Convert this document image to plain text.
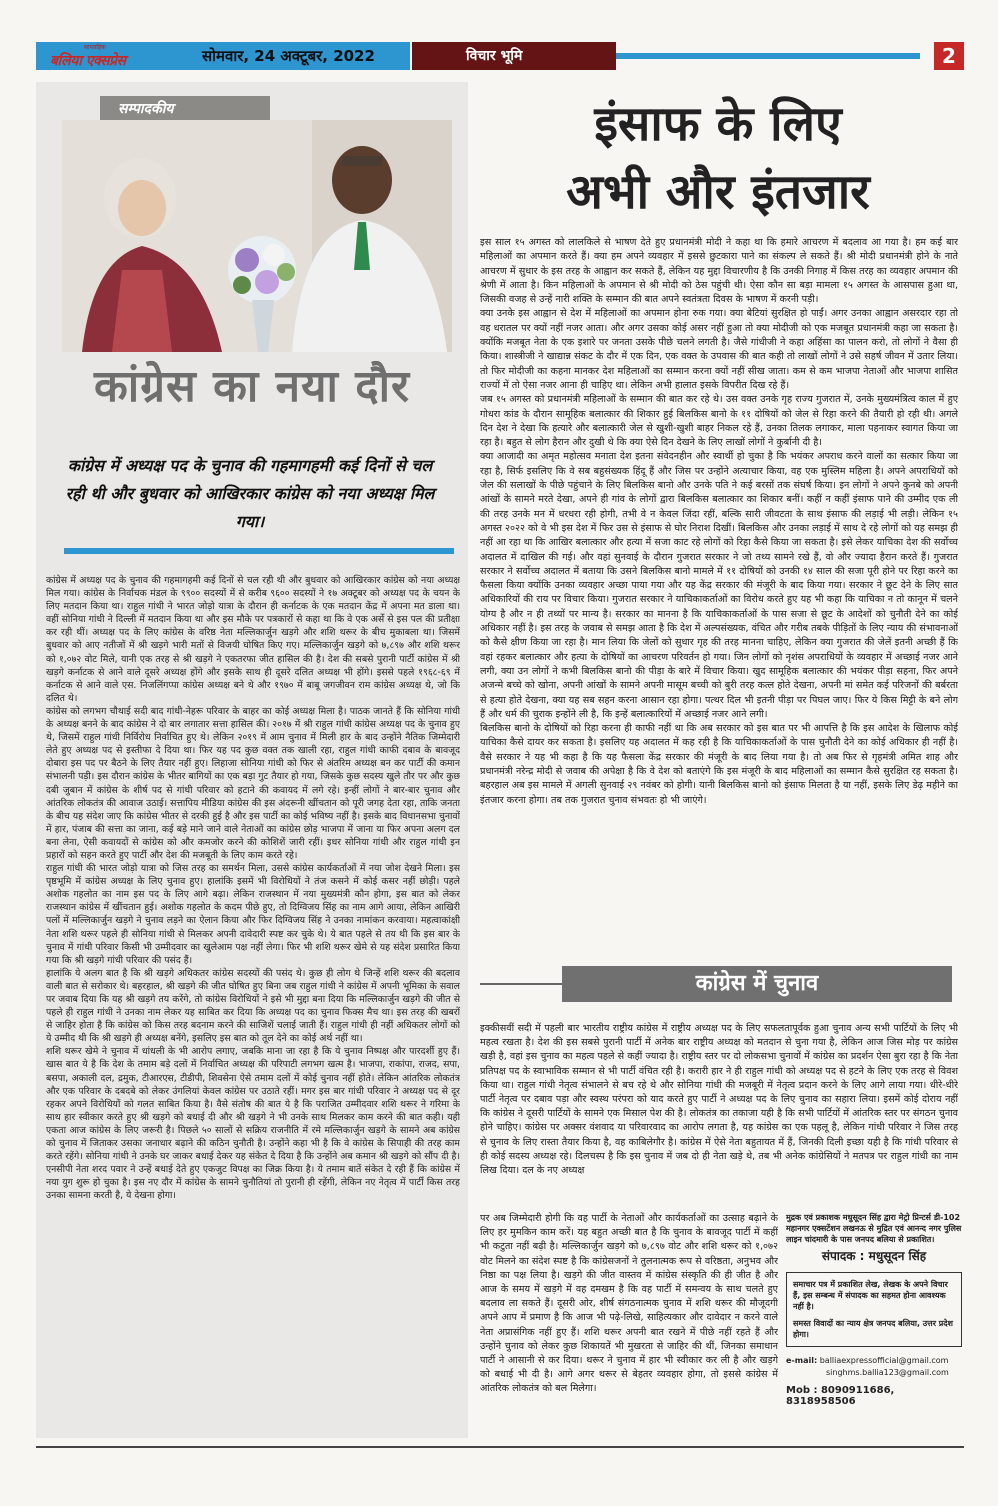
साप्ताहिक
बलिया एक्सप्रेस	सोमवार, 24 अक्टूबर, 2022	विचार भूमि	2
सम्पादकीय
कांग्रेस का नया दौर
कांग्रेस में अध्यक्ष पद के चुनाव की गहमागहमी कई दिनों से चल रही थी और बुधवार को आखिरकार कांग्रेस को नया अध्यक्ष मिल गया।

कांग्रेस में अध्यक्ष पद के चुनाव की गहमागहमी कई दिनों से चल रही थी और बुधवार को आखिरकार कांग्रेस को नया अध्यक्ष मिल गया। कांग्रेस के निर्वाचक मंडल के ९९०० सदस्यों में से करीब ९६०० सदस्यों ने १७ अक्टूबर को अध्यक्ष पद के चयन के लिए मतदान किया था। राहुल गांधी ने भारत जोड़ो यात्रा के दौरान ही कर्नाटक के एक मतदान केंद्र में अपना मत डाला था। वहीं सोनिया गांधी ने दिल्ली में मतदान किया था और इस मौके पर पत्रकारों से कहा था कि वे एक अर्से से इस पल की प्रतीक्षा कर रही थीं। अध्यक्ष पद के लिए कांग्रेस के वरिष्ठ नेता मल्लिकार्जुन खड़गे और शशि थरूर के बीच मुकाबला था। जिसमें बुधवार को आए नतीजों में श्री खड़गे भारी मतों से विजयी घोषित किए गए। मल्लिकार्जुन खड़गे को ७,८९७ और शशि थरूर को १,०७२ वोट मिले, यानी एक तरह से श्री खड़गे ने एकतरफा जीत हासिल की है। देश की सबसे पुरानी पार्टी कांग्रेस में श्री खड़गे कर्नाटक से आने वाले दूसरे अध्यक्ष होंगे और इसके साथ ही दूसरे दलित अध्यक्ष भी होंगे। इससे पहले १९६८-६९ में कर्नाटक से आने वाले एस. निजलिंगप्पा कांग्रेस अध्यक्ष बने थे और १९७० में बाबू जगजीवन राम कांग्रेस अध्यक्ष थे, जो कि दलित थे।

कांग्रेस को लगभग चौथाई सदी बाद गांधी-नेहरू परिवार के बाहर का कोई अध्यक्ष मिला है। पाठक जानते हैं कि सोनिया गांधी के अध्यक्ष बनने के बाद कांग्रेस ने दो बार लगातार सत्ता हासिल की। २०१७ में श्री राहुल गांधी कांग्रेस अध्यक्ष पद के चुनाव हुए थे, जिसमें राहुल गांधी निर्विरोध निर्वाचित हुए थे। लेकिन २०१९ में आम चुनाव में मिली हार के बाद उन्होंने नैतिक जिम्मेदारी लेते हुए अध्यक्ष पद से इस्तीफा दे दिया था। फिर यह पद कुछ वक्त तक खाली रहा, राहुल गांधी काफी दबाव के बावजूद दोबारा इस पद पर बैठने के लिए तैयार नहीं हुए। लिहाजा सोनिया गांधी को फिर से अंतरिम अध्यक्ष बन कर पार्टी की कमान संभालनी पड़ी। इस दौरान कांग्रेस के भीतर बागियों का एक बड़ा गुट तैयार हो गया, जिसके कुछ सदस्य खुले तौर पर और कुछ दबी जुबान में कांग्रेस के शीर्ष पद से गांधी परिवार को हटाने की कवायद में लगे रहे। इन्हीं लोगों ने बार-बार चुनाव और आंतरिक लोकतंत्र की आवाज उठाई। सत्तापिय मीडिया कांग्रेस की इस अंदरूनी खींचतान को पूरी जगह देता रहा, ताकि जनता के बीच यह संदेश जाए कि कांग्रेस भीतर से दरकी हुई है और इस पार्टी का कोई भविष्य नहीं है। इसके बाद विधानसभा चुनावों में हार, पंजाब की सत्ता का जाना, कई बड़े माने जाने वाले नेताओं का कांग्रेस छोड़ भाजपा में जाना या फिर अपना अलग दल बना लेना, ऐसी कवायदों से कांग्रेस को और कमजोर करने की कोशिशें जारी रहीं। इधर सोनिया गांधी और राहुल गांधी इन प्रहारों को सहन करते हुए पार्टी और देश की मजबूती के लिए काम करते रहे।

राहुल गांधी की भारत जोड़ो यात्रा को जिस तरह का समर्थन मिला, उससे कांग्रेस कार्यकर्ताओं में नया जोश देखने मिला। इस पृष्ठभूमि में कांग्रेस अध्यक्ष के लिए चुनाव हुए। हालांकि इसमें भी विरोधियों ने तंज कसने में कोई कसर नहीं छोड़ी। पहले अशोक गहलोत का नाम इस पद के लिए आगे बढ़ा। लेकिन राजस्थान में नया मुख्यमंत्री कौन होगा, इस बात को लेकर राजस्थान कांग्रेस में खींचतान हुई। अशोक गहलोत के कदम पीछे हुए, तो दिग्विजय सिंह का नाम आगे आया, लेकिन आखिरी पलों में मल्लिकार्जुन खड़गे ने चुनाव लड़ने का ऐलान किया और फिर दिग्विजय सिंह ने उनका नामांकन करवाया। महत्वाकांक्षी नेता शशि थरूर पहले ही सोनिया गांधी से मिलकर अपनी दावेदारी स्पष्ट कर चुके थे। ये बात पहले से तय थी कि इस बार के चुनाव में गांधी परिवार किसी भी उम्मीदवार का खुलेआम पक्ष नहीं लेगा। फिर भी शशि थरूर खेमे से यह संदेश प्रसारित किया गया कि श्री खड़गे गांधी परिवार की पसंद हैं।

हालांकि ये अलग बात है कि श्री खड़गे अधिकतर कांग्रेस सदस्यों की पसंद थे। कुछ ही लोग थे जिन्हें शशि थरूर की बदलाव वाली बात से सरोकार थे। बहरहाल, श्री खड़गे की जीत घोषित हुए बिना जब राहुल गांधी ने कांग्रेस में अपनी भूमिका के सवाल पर जवाब दिया कि यह श्री खड़गे तय करेंगे, तो कांग्रेस विरोधियों ने इसे भी मुद्दा बना दिया कि मल्लिकार्जुन खड़गे की जीत से पहले ही राहुल गांधी ने उनका नाम लेकर यह साबित कर दिया कि अध्यक्ष पद का चुनाव फिक्स मैच था। इस तरह की खबरों से जाहिर होता है कि कांग्रेस को किस तरह बदनाम करने की साजिशें चलाई जाती हैं। राहुल गांधी ही नहीं अधिकतर लोगों को ये उम्मीद थी कि श्री खड़गे ही अध्यक्ष बनेंगे, इसलिए इस बात को तूल देने का कोई अर्थ नहीं था।

शशि थरूर खेमे ने चुनाव में धांधली के भी आरोप लगाए, जबकि माना जा रहा है कि ये चुनाव निष्पक्ष और पारदर्शी हुए हैं। खास बात ये है कि देश के तमाम बड़े दलों में निर्वाचित अध्यक्ष की परिपाटी लगभग खत्म है। भाजपा, राकांपा, राजद, सपा, बसपा, अकाली दल, द्रमुक, टीआरएस, टीडीपी, शिवसेना ऐसे तमाम दलों में कोई चुनाव नहीं होते। लेकिन आंतरिक लोकतंत्र और एक परिवार के दबदबे को लेकर उंगलियां केवल कांग्रेस पर उठाते रहीं। मगर इस बार गांधी परिवार ने अध्यक्ष पद से दूर रहकर अपने विरोधियों को गलत साबित किया है। वैसे संतोष की बात ये है कि पराजित उम्मीदवार शशि थरूर ने गरिमा के साथ हार स्वीकार करते हुए श्री खड़गे को बधाई दी और श्री खड़गे ने भी उनके साथ मिलकर काम करने की बात कही। यही एकता आज कांग्रेस के लिए जरूरी है। पिछले ५० सालों से सक्रिय राजनीति में रमे मल्लिकार्जुन खड़गे के सामने अब कांग्रेस को चुनाव में जिताकर उसका जनाधार बढ़ाने की कठिन चुनौती है। उन्होंने कहा भी है कि वे कांग्रेस के सिपाही की तरह काम करते रहेंगे। सोनिया गांधी ने उनके घर जाकर बधाई देकर यह संकेत दे दिया है कि उन्होंने अब कमान श्री खड़गे को सौंप दी है। एनसीपी नेता शरद पवार ने उन्हें बधाई देते हुए एकजुट विपक्ष का जिक्र किया है। ये तमाम बातें संकेत दे रही हैं कि कांग्रेस में नया युग शुरू हो चुका है। इस नए दौर में कांग्रेस के सामने चुनौतियां तो पुरानी ही रहेंगी, लेकिन नए नेतृत्व में पार्टी किस तरह उनका सामना करती है, ये देखना होगा।

इंसाफ के लिए
अभी और इंतजार

इस साल १५ अगस्त को लालकिले से भाषण देते हुए प्रधानमंत्री मोदी ने कहा था कि हमारे आचरण में बदलाव आ गया है। हम कई बार महिलाओं का अपमान करते हैं। क्या हम अपने व्यवहार में इससे छुटकारा पाने का संकल्प ले सकते हैं। श्री मोदी प्रधानमंत्री होने के नाते आचरण में सुधार के इस तरह के आह्वान कर सकते हैं, लेकिन यह मुद्दा विचारणीय है कि उनकी निगाह में किस तरह का व्यवहार अपमान की श्रेणी में आता है। किन महिलाओं के अपमान से श्री मोदी को ठेस पहुंची थी। ऐसा कौन सा बड़ा मामला १५ अगस्त के आसपास हुआ था, जिसकी वजह से उन्हें नारी शक्ति के सम्मान की बात अपने स्वतंत्रता दिवस के भाषण में करनी पड़ी।

क्या उनके इस आह्वान से देश में महिलाओं का अपमान होना रुक गया। क्या बेटियां सुरक्षित हो पाईं। अगर उनका आह्वान असरदार रहा तो वह धरातल पर क्यों नहीं नजर आता। और अगर उसका कोई असर नहीं हुआ तो क्या मोदीजी को एक मजबूत प्रधानमंत्री कहा जा सकता है। क्योंकि मजबूत नेता के एक इशारे पर जनता उसके पीछे चलने लगती है। जैसे गांधीजी ने कहा अहिंसा का पालन करो, तो लोगों ने वैसा ही किया। शास्त्रीजी ने खाद्यान्न संकट के दौर में एक दिन, एक वक्त के उपवास की बात कही तो लाखों लोगों ने उसे सहर्ष जीवन में उतार लिया। तो फिर मोदीजी का कहना मानकर देश महिलाओं का सम्मान करना क्यों नहीं सीख जाता। कम से कम भाजपा नेताओं और भाजपा शासित राज्यों में तो ऐसा नजर आना ही चाहिए था। लेकिन अभी हालात इसके विपरीत दिख रहे हैं।

जब १५ अगस्त को प्रधानमंत्री महिलाओं के सम्मान की बात कर रहे थे। उस वक्त उनके गृह राज्य गुजरात में, उनके मुख्यमंत्रित्व काल में हुए गोधरा कांड के दौरान सामूहिक बलात्कार की शिकार हुई बिलकिस बानो के ११ दोषियों को जेल से रिहा करने की तैयारी हो रही थी। अगले दिन देश ने देखा कि हत्यारे और बलात्कारी जेल से खुशी-खुशी बाहर निकल रहे हैं, उनका तिलक लगाकर, माला पहनाकर स्वागत किया जा रहा है। बहुत से लोग हैरान और दुखी थे कि क्या ऐसे दिन देखने के लिए लाखों लोगों ने कुर्बानी दी है।

क्या आजादी का अमृत महोत्सव मनाता देश इतना संवेदनहीन और स्वार्थी हो चुका है कि भयंकर अपराध करने वालों का सत्कार किया जा रहा है, सिर्फ इसलिए कि वे सब बहुसंख्यक हिंदू हैं और जिस पर उन्होंने अत्याचार किया, वह एक मुस्लिम महिला है। अपने अपराधियों को जेल की सलाखों के पीछे पहुंचाने के लिए बिलकिस बानो और उनके पति ने कई बरसों तक संघर्ष किया। इन लोगों ने अपने कुनबे को अपनी आंखों के सामने मरते देखा, अपने ही गांव के लोगों द्वारा बिलकिस बलात्कार का शिकार बनीं। कहीं न कहीं इंसाफ पाने की उम्मीद एक ली की तरह उनके मन में धरधरा रही होगी, तभी वे न केवल जिंदा रहीं, बल्कि सारी जीवटता के साथ इंसाफ की लड़ाई भी लड़ी। लेकिन १५ अगस्त २०२२ को वे भी इस देश में फिर उस से इंसाफ से घोर निराश दिखीं। बिलकिस और उनका लड़ाई में साथ दे रहे लोगों को यह समझ ही नहीं आ रहा था कि आखिर बलात्कार और हत्या में सजा काट रहे लोगों को रिहा कैसे किया जा सकता है। इसे लेकर याचिका देश की सर्वोच्च अदालत में दाखिल की गई। और वहां सुनवाई के दौरान गुजरात सरकार ने जो तथ्य सामने रखे हैं, वो और ज्यादा हैरान करते हैं। गुजरात सरकार ने सर्वोच्च अदालत में बताया कि उसने बिलकिस बानो मामले में ११ दोषियों को उनकी १४ साल की सजा पूरी होने पर रिहा करने का फैसला किया क्योंकि उनका व्यवहार अच्छा पाया गया और यह केंद्र सरकार की मंजूरी के बाद किया गया। सरकार ने छूट देने के लिए सात अधिकारियों की राय पर विचार किया। गुजरात सरकार ने याचिकाकर्ताओं का विरोध करते हुए यह भी कहा कि याचिका न तो कानून में चलने योग्य है और न ही तथ्यों पर मान्य है। सरकार का मानना है कि याचिकाकर्ताओं के पास सजा से छूट के आदेशों को चुनौती देने का कोई अधिकार नहीं है। इस तरह के जवाब से समझ आता है कि देश में अल्पसंख्यक, वंचित और गरीब तबके पीड़ितों के लिए न्याय की संभावनाओं को कैसे क्षीण किया जा रहा है। मान लिया कि जेलों को सुधार गृह की तरह मानना चाहिए, लेकिन क्या गुजरात की जेलें इतनी अच्छी हैं कि वहां रहकर बलात्कार और हत्या के दोषियों का आचरण परिवर्तन हो गया। जिन लोगों को नृशंस अपराधियों के व्यवहार में अच्छाई नजर आने लगी, क्या उन लोगों ने कभी बिलकिस बानो की पीड़ा के बारे में विचार किया। खुद सामूहिक बलात्कार की भयंकर पीड़ा सहना, फिर अपने अजन्मे बच्चे को खोना, अपनी आंखों के सामने अपनी मासूम बच्ची को बुरी तरह कत्ल होते देखना, अपनी मां समेत कई परिजनों की बर्बरता से हत्या होते देखना, क्या यह सब सहन करना आसान रहा होगा। पत्थर दिल भी इतनी पीड़ा पर पिघल जाए। फिर ये किस मिट्टी के बने लोग हैं और धर्म की चुराक इन्होंने ली है, कि इन्हें बलात्कारियों में अच्छाई नजर आने लगी।

बिलकिस बानो के दोषियों को रिहा करना ही काफी नहीं था कि अब सरकार को इस बात पर भी आपत्ति है कि इस आदेश के खिलाफ कोई याचिका कैसे दायर कर सकता है। इसलिए यह अदालत में कह रही है कि याचिकाकर्ताओं के पास चुनौती देने का कोई अधिकार ही नहीं है। वैसे सरकार ने यह भी कहा है कि यह फैसला केंद्र सरकार की मंजूरी के बाद लिया गया है। तो अब फिर से गृहमंत्री अमित शाह और प्रधानमंत्री नरेन्द्र मोदी से जवाब की अपेक्षा है कि वे देश को बताएंगे कि इस मंजूरी के बाद महिलाओं का सम्मान कैसे सुरक्षित रह सकता है। बहरहाल अब इस मामले में अगली सुनवाई २९ नवंबर को होगी। यानी बिलकिस बानो को इंसाफ मिलता है या नहीं, इसके लिए डेढ़ महीने का इंतजार करना होगा। तब तक गुजरात चुनाव संभवतः हो भी जाएंगे।

कांग्रेस में चुनाव

इक्कीसवीं सदी में पहली बार भारतीय राष्ट्रीय कांग्रेस में राष्ट्रीय अध्यक्ष पद के लिए सफलतापूर्वक हुआ चुनाव अन्य सभी पार्टियों के लिए भी महत्व रखता है। देश की इस सबसे पुरानी पार्टी में अनेक बार राष्ट्रीय अध्यक्ष को मतदान से चुना गया है, लेकिन आज जिस मोड़ पर कांग्रेस खड़ी है, वहां इस चुनाव का महत्व पहले से कहीं ज्यादा है। राष्ट्रीय स्तर पर दो लोकसभा चुनावों में कांग्रेस का प्रदर्शन ऐसा बुरा रहा है कि नेता प्रतिपक्ष पद के स्वाभाविक सम्मान से भी पार्टी वंचित रही है। करारी हार ने ही राहुल गांधी को अध्यक्ष पद से हटने के लिए एक तरह से विवश किया था। राहुल गांधी नेतृत्व संभालने से बच रहे थे और सोनिया गांधी की मजबूरी में नेतृत्व प्रदान करने के लिए आगे लाया गया। धीरे-धीरे पार्टी नेतृत्व पर दबाव पड़ा और स्वस्थ परंपरा को याद करते हुए पार्टी ने अध्यक्ष पद के लिए चुनाव का सहारा लिया। इसमें कोई दोराय नहीं कि कांग्रेस ने दूसरी पार्टियों के सामने एक मिसाल पेश की है। लोकतंत्र का तकाजा यही है कि सभी पार्टियों में आंतरिक स्तर पर संगठन चुनाव होने चाहिए। कांग्रेस पर अक्सर वंशवाद या परिवारवाद का आरोप लगता है, यह कांग्रेस का एक पहलू है, लेकिन गांधी परिवार ने जिस तरह से चुनाव के लिए रास्ता तैयार किया है, वह काबिलेगौर है। कांग्रेस में ऐसे नेता बहुतायत में हैं, जिनकी दिली इच्छा यही है कि गांधी परिवार से ही कोई सदस्य अध्यक्ष रहे। दिलचस्प है कि इस चुनाव में जब दो ही नेता खड़े थे, तब भी अनेक कांग्रेसियों ने मतपत्र पर राहुल गांधी का नाम लिख दिया। दल के नए अध्यक्ष

पर अब जिम्मेदारी होगी कि वह पार्टी के नेताओं और कार्यकर्ताओं का उत्साह बढ़ाने के लिए हर मुमकिन काम करें। यह बहुत अच्छी बात है कि चुनाव के बावजूद पार्टी में कहीं भी कटुता नहीं बढ़ी है। मल्लिकार्जुन खड़गे को ७,८९७ वोट और शशि थरूर को १,०७२ वोट मिलने का संदेश स्पष्ट है कि कांग्रेसजनों ने तुलनात्मक रूप से वरिष्ठता, अनुभव और निष्ठा का पक्ष लिया है। खड़गे की जीत वास्तव में कांग्रेस संस्कृति की ही जीत है और आज के समय में खड़गे में वह दमखम है कि वह पार्टी में समन्वय के साथ चलते हुए बदलाव ला सकते हैं। दूसरी ओर, शीर्ष संगठनात्मक चुनाव में शशि थरूर की मौजूदगी अपने आप में प्रमाण है कि आज भी पढ़े-लिखे, साहित्यकार और दावेदार न करने वाले नेता अप्रासंगिक नहीं हुए हैं। शशि थरूर अपनी बात रखने में पीछे नहीं रहते हैं और उन्होंने चुनाव को लेकर कुछ शिकायतें भी मुखरता से जाहिर की थीं, जिनका समाधान पार्टी ने आसानी से कर दिया। थरूर ने चुनाव में हार भी स्वीकार कर ली है और खड़गे को बधाई भी दी है। आगे अगर थरूर से बेहतर व्यवहार होगा, तो इससे कांग्रेस में आंतरिक लोकतंत्र को बल मिलेगा।

मुद्रक एवं प्रकाशक मधुसूदन सिंह द्वारा मेट्रो प्रिन्टर्स डी-102 महानगर एक्सटेंशन लखनऊ से मुद्रित एवं आनन्द नगर पुलिस लाइन चांदमारी के पास जनपद बलिया से प्रकाशित।
संपादक : मधुसूदन सिंह
समाचार पत्र में प्रकाशित लेख, लेखक के अपने विचार हैं, इस सम्बन्ध में संपादक का सहमत होना आवश्यक नहीं है।
समस्त विवादों का न्याय क्षेत्र जनपद बलिया, उत्तर प्रदेश होगा।
e-mail: balliaexpressofficial@gmail.com
singhms.ballia123@gmail.com
Mob : 8090911686, 8318958506
